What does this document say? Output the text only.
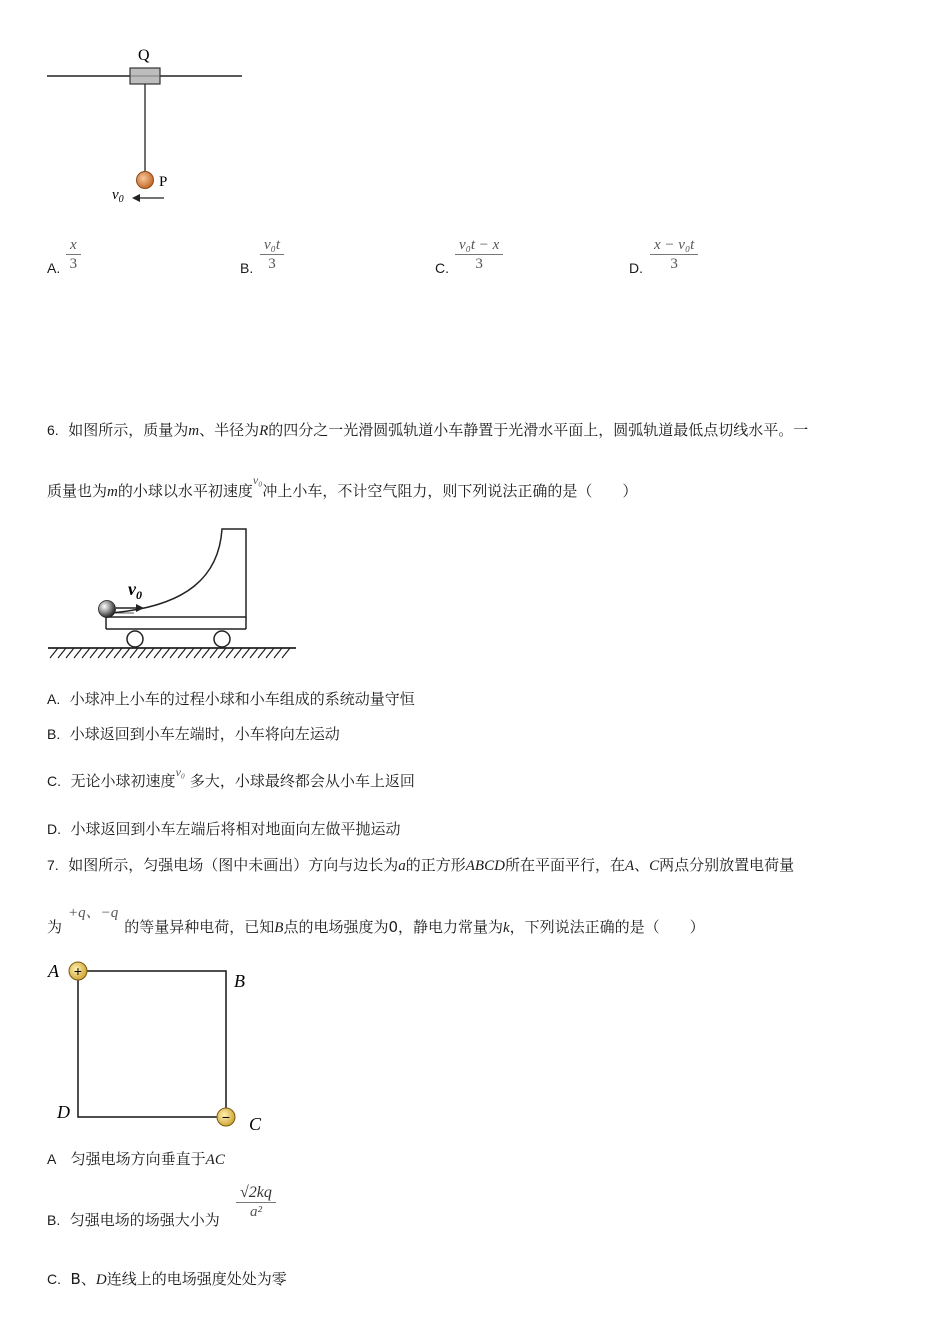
Q
P
$v_0$
A.
x
3	B.
v₀t
3	C.
v₀t − x
3	D.
x − v₀t
3
6. 如图所示，质量为m、半径为R的四分之一光滑圆弧轨道小车静置于光滑水平面上，圆弧轨道最低点切线水平。一
质量也为m的小球以水平初速度$^{v_0}$冲上小车，不计空气阻力，则下列说法正确的是（　　）
$v_0$
A. 小球冲上小车的过程小球和小车组成的系统动量守恒
B. 小球返回到小车左端时，小车将向左运动
C. 无论小球初速度$^{v_0}$ 多大，小球最终都会从小车上返回
D. 小球返回到小车左端后将相对地面向左做平抛运动
7. 如图所示，匀强电场（图中未画出）方向与边长为a的正方形ABCD所在平面平行，在A、C两点分别放置电荷量
为+q、−q的等量异种电荷，已知B点的电场强度为0，静电力常量为k，下列说法正确的是（　　）
+
−
A	B
D
C
A 匀强电场方向垂直于AC
B. 匀强电场的场强大小为
√2kq
a²
C. B、D连线上的电场强度处处为零
